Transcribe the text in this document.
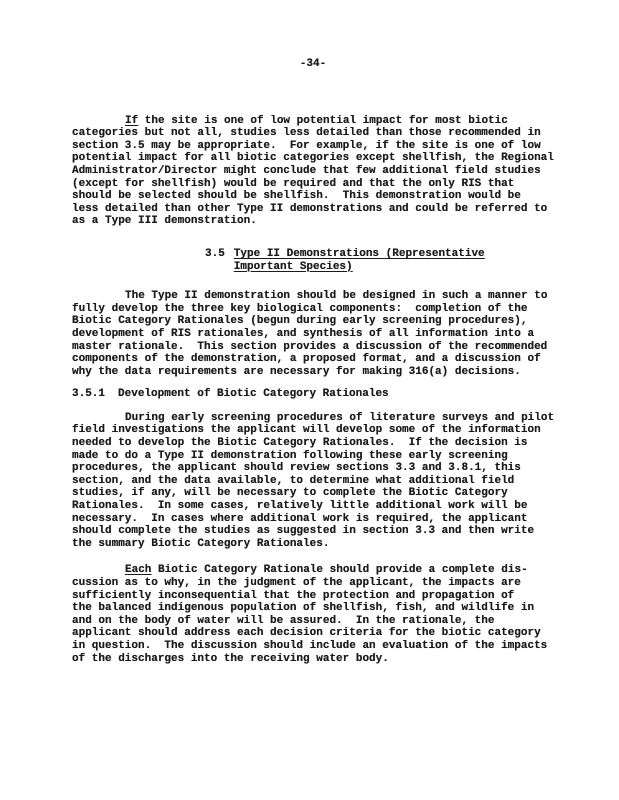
-34-
If the site is one of low potential impact for most biotic
categories but not all, studies less detailed than those recommended in
section 3.5 may be appropriate.  For example, if the site is one of low
potential impact for all biotic categories except shellfish, the Regional
Administrator/Director might conclude that few additional field studies
(except for shellfish) would be required and that the only RIS that
should be selected should be shellfish.  This demonstration would be
less detailed than other Type II demonstrations and could be referred to
as a Type III demonstration.
3.5 Type II Demonstrations (Representative
Important Species)
The Type II demonstration should be designed in such a manner to
fully develop the three key biological components:  completion of the
Biotic Category Rationales (begun during early screening procedures),
development of RIS rationales, and synthesis of all information into a
master rationale.  This section provides a discussion of the recommended
components of the demonstration, a proposed format, and a discussion of
why the data requirements are necessary for making 316(a) decisions.
3.5.1 Development of Biotic Category Rationales
During early screening procedures of literature surveys and pilot
field investigations the applicant will develop some of the information
needed to develop the Biotic Category Rationales.  If the decision is
made to do a Type II demonstration following these early screening
procedures, the applicant should review sections 3.3 and 3.8.1, this
section, and the data available, to determine what additional field
studies, if any, will be necessary to complete the Biotic Category
Rationales.  In some cases, relatively little additional work will be
necessary.  In cases where additional work is required, the applicant
should complete the studies as suggested in section 3.3 and then write
the summary Biotic Category Rationales.
Each Biotic Category Rationale should provide a complete dis-
cussion as to why, in the judgment of the applicant, the impacts are
sufficiently inconsequential that the protection and propagation of
the balanced indigenous population of shellfish, fish, and wildlife in
and on the body of water will be assured.  In the rationale, the
applicant should address each decision criteria for the biotic category
in question.  The discussion should include an evaluation of the impacts
of the discharges into the receiving water body.
